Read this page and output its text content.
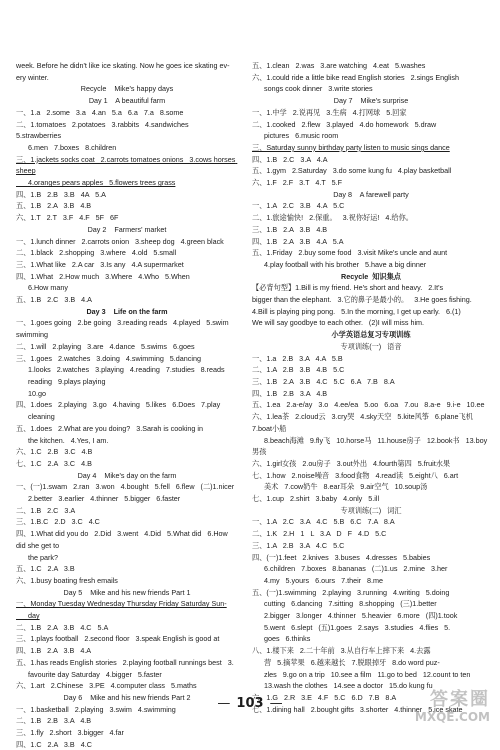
week. Before he didn't like ice skating. Now he goes ice skating ev-
ery winter.
Recycle    Mike's happy days
Day 1    A beautiful farm
一、1.a   2.some   3.a   4.an   5.a   6.a   7.a   8.some
二、1.tomatoes   2.potatoes   3.rabbits   4.sandwiches   5.strawberries
6.men   7.boxes   8.children
三、1.jackets socks coat   2.carrots tomatoes onions   3.cows horses sheep
4.oranges pears apples   5.flowers trees grass
四、1.B   2.B   3.B   4A   5.A
五、1.B   2.A   3.B   4.B
六、1.T   2.T   3.F   4.F   5F   6F
Day 2    Farmers' market
一、1.lunch dinner   2.carrots onion   3.sheep dog   4.green black
二、1.black   2.shopping   3.where   4.old   5.small
三、1.What like   2.A car   3.Is any   4.A supermarket
四、1.What   2.How much   3.Where   4.Who   5.When
6.How many
五、1.B   2.C   3.B   4.A
Day 3    Life on the farm
一、1.goes going   2.be going   3.reading reads   4.played   5.swim swimming
二、1.will   2.playing   3.are   4.dance   5.swims   6.goes
三、1.goes   2.watches   3.doing   4.swimming   5.dancing
1.looks   2.watches   3.playing   4.reading   7.studies   8.reads
reading   9.plays playing
10.go
四、1.does   2.playing   3.go   4.having   5.likes   6.Does   7.play
cleaning
五、1.does   2.What are you doing?   3.Sarah is cooking in
the kitchen.   4.Yes, I am.
六、1.C   2.B   3.C   4.B
七、1.C   2.A   3.C   4.B
Day 4    Mike's day on the farm
一、(一)1.swam   2.ran   3.won   4.bought   5.fell   6.flew   (二)1.nicer
2.better   3.earlier   4.thinner   5.bigger   6.faster
二、1.B   2.C   3.A
三、1.B.C   2.D   3.C   4.C
四、1.What did you do   2.Did   3.went   4.Did   5.What did   6.How did she get to
the park?
五、1.C   2.A   3.B
六、1.busy boating fresh emails
Day 5    Mike and his new friends Part 1
一、Monday Tuesday Wednesday Thursday Friday Saturday Sun-
day
二、1.B   2.A   3.B   4.C   5.A
三、1.plays football   2.second floor   3.speak English is good at
四、1.B   2.A   3.B   4.A
五、1.has reads English stories   2.playing football runnings best   3.
favourite day Saturday   4.bigger   5.faster
六、1.art   2.Chinese   3.PE   4.computer class   5.maths
Day 6    Mike and his new friends Part 2
一、1.basketball   2.playing   3.swim   4.swimming
二、1.B   2.B   3.A   4.B
三、1.fly   2.short   3.bigger   4.far
四、1.C   2.A   3.B   4.C
五、1.clean   2.was   3.are watching   4.eat   5.washes
六、1.could ride a little bike read English stories   2.sings English
songs cook dinner   3.write stories
Day 7    Mike's surprise
一、1.中学   2.说再见   3.生病   4.打网球   5.回家
二、1.cooked   2.flew   3.played   4.do homework   5.draw
pictures   6.music room
三、Saturday sunny birthday party listen to music sings dance
四、1.B   2.C   3.A   4.A
五、1.gym   2.Saturday   3.do some kung fu   4.play basketball
六、1.F   2.F   3.T   4.T   5.F
Day 8    A farewell party
一、1.A   2.C   3.B   4.A   5.C
二、1.旅途愉快!   2.保重。   3.祝你好运!   4.给你。
三、1.B   2.A   3.B   4.B
四、1.B   2.A   3.B   4.A   5.A
五、1.Friday   2.buy some food   3.visit Mike's uncle and aunt
4.play football with his brother   5.have a big dinner
Recycle  知识集点
【必背句型】1.Bill is my friend. He's short and heavy.   2.It's
bigger than the elephant.   3.它的鼻子是最小的。   3.He goes fishing.
4.Bill is playing ping pong.   5.In the morning, I get up early.   6.(1)
We will say goodbye to each other.   (2)I will miss him.
小学英语总复习专项训练
专项训练(一)   语音
一、1.a   2.B   3.A   4.A   5.B
二、1.A   2.B   3.B   4.B   5.C
三、1.B   2.A   3.B   4.C   5.C   6.A   7.B   8.A
四、1.B   2.B   3.A   4.B
五、1.ea   2.a-e/ay   3.o   4.ee/ea   5.oo   6.oa   7.ou   8.a-e   9.i-e   10.ee
六、1.lea茶   2.cloud云   3.cry哭   4.sky天空   5.kite风筝   6.plane飞机   7.boat小船
8.beach海滩   9.fly飞   10.horse马   11.house房子   12.book书   13.boy男孩
六、1.girl女孩   2.ou房子   3.out外出   4.fourth第四   5.fruit水果
七、1.how   2.noise噪音   3.food食物   4.read读   5.eight八   6.art
美术   7.cow奶牛   8.ear耳朵   9.air空气   10.soup汤
七、1.cup   2.shirt   3.baby   4.only   5.ill
专项训练(二)   词汇
一、1.A   2.C   3.A   4.C   5.B   6.C   7.A   8.A
二、1.K   2.H   1   L   3.A   D   F   4.D   5.C
三、1.A   2.B   3.A   4.C   5.C
四、(一)1.feet   2.knives   3.buses   4.dresses   5.babies
6.children   7.boxes   8.bananas   (二)1.us   2.mine   3.her
4.my   5.yours   6.ours   7.their   8.me
五、(一)1.swimming   2.playing   3.running   4.writing   5.doing
cutting   6.dancing   7.sitting   8.shopping   (三)1.better
2.bigger   3.longer   4.thinner   5.heavier   6.more   (四)1.took
5.went   6.slept   (五)1.goes   2.says   3.studies   4.flies   5.
goes   6.thinks
八、1.楼下来   2.二十年前   3.从自行车上摔下来   4.去露
营   5.摘苹果   6.越来越长   7.脱眼掉牙   8.do word puz-
zles   9.go on a trip   10.see a film   11.go to bed   12.count to ten
13.wash the clothes   14.see a doctor   15.do kung fu
六、1.G   2.R   3.E   4.F   5.C   6.D   7.B   8.A
七、1.dining hall   2.bought gifts   3.shorter   4.thinner   5.ice skate
— 103 —	答案圈
MXQE.COM
